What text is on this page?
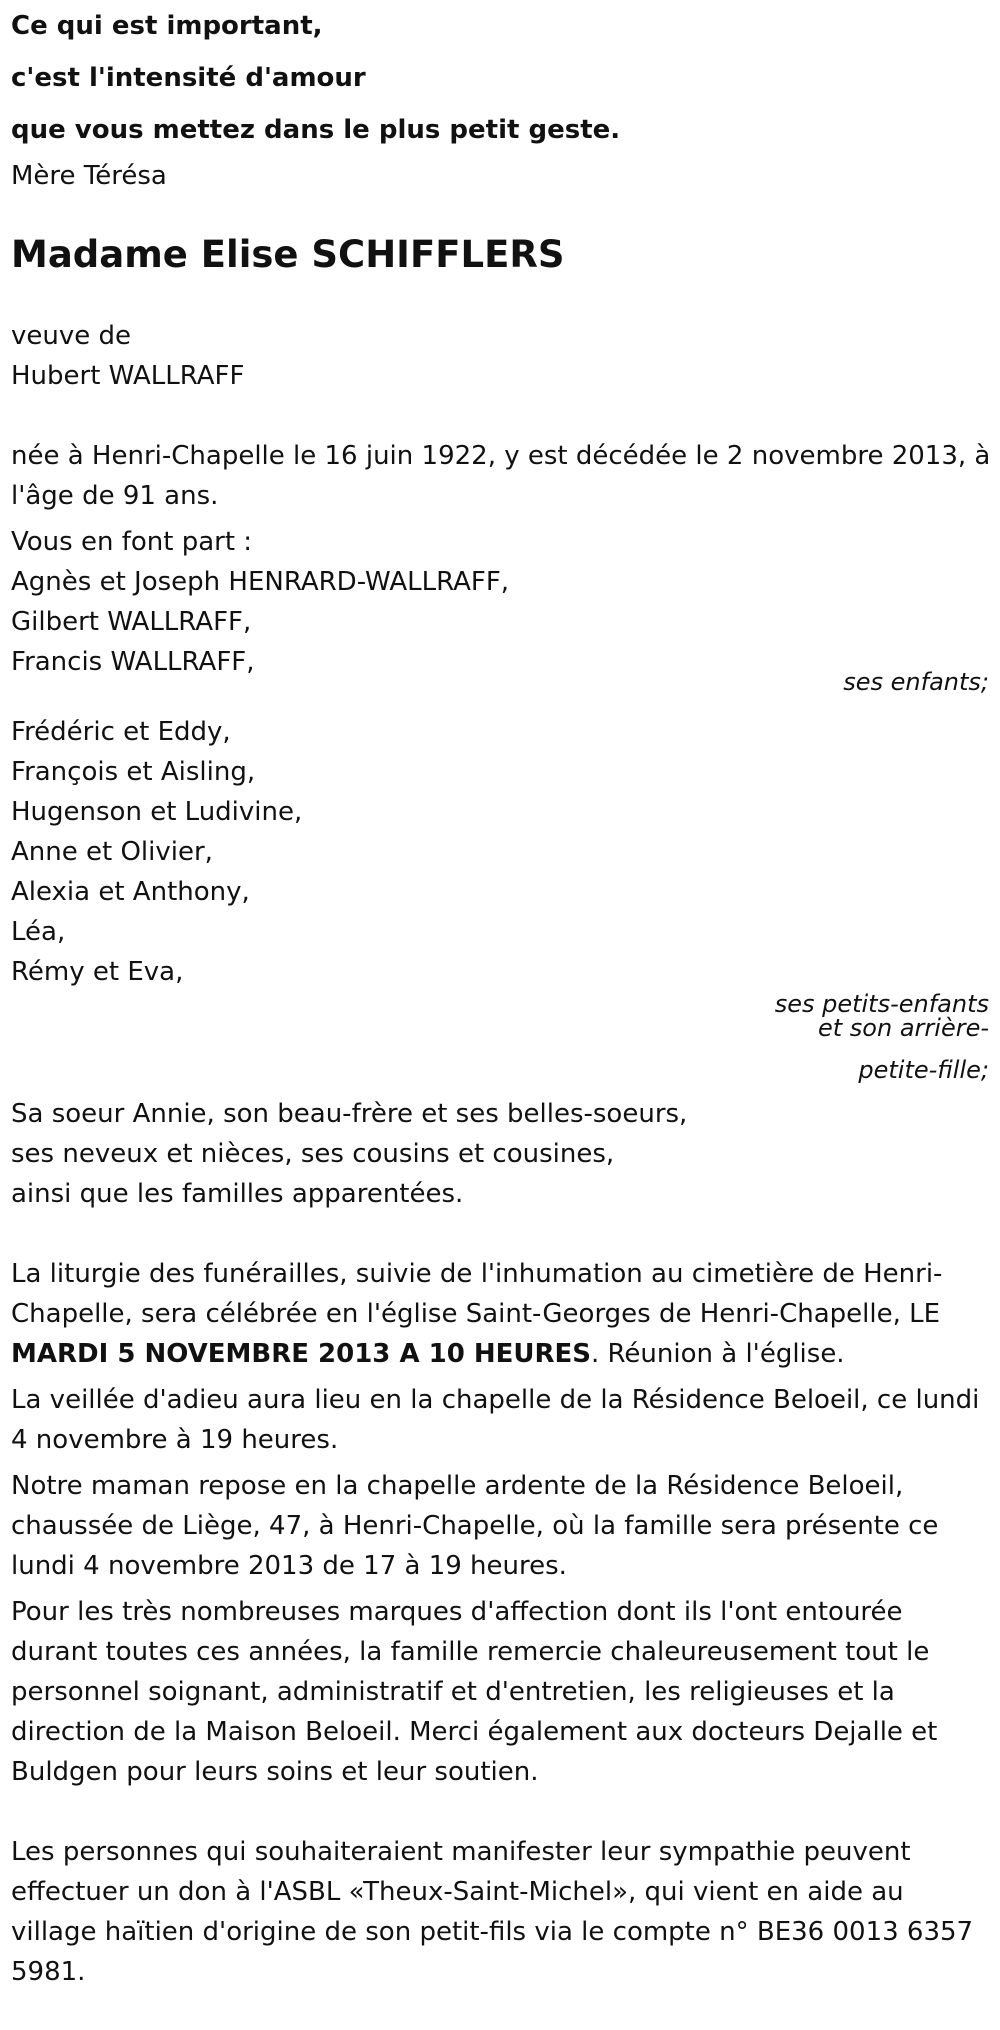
Ce qui est important,
c'est l'intensité d'amour
que vous mettez dans le plus petit geste.

Mère Térésa

Madame Elise SCHIFFLERS
veuve de
Hubert WALLRAFF

née à Henri-Chapelle le 16 juin 1922, y est décédée le 2 novembre 2013, à l'âge de 91 ans.

Vous en font part :
Agnès et Joseph HENRARD-WALLRAFF,
Gilbert WALLRAFF,
Francis WALLRAFF,
ses enfants;
Frédéric et Eddy,
François et Aisling,
Hugenson et Ludivine,
Anne et Olivier,
Alexia et Anthony,
Léa,
Rémy et Eva,
ses petits-enfants
et son arrière-
petite-fille;
Sa soeur Annie, son beau-frère et ses belles-soeurs,
ses neveux et nièces, ses cousins et cousines,
ainsi que les familles apparentées.

La liturgie des funérailles, suivie de l'inhumation au cimetière de Henri-Chapelle, sera célébrée en l'église Saint-Georges de Henri-Chapelle, LE MARDI 5 NOVEMBRE 2013 A 10 HEURES. Réunion à l'église.

La veillée d'adieu aura lieu en la chapelle de la Résidence Beloeil, ce lundi 4 novembre à 19 heures.

Notre maman repose en la chapelle ardente de la Résidence Beloeil, chaussée de Liège, 47, à Henri-Chapelle, où la famille sera présente ce lundi 4 novembre 2013 de 17 à 19 heures.

Pour les très nombreuses marques d'affection dont ils l'ont entourée durant toutes ces années, la famille remercie chaleureusement tout le personnel soignant, administratif et d'entretien, les religieuses et la direction de la Maison Beloeil. Merci également aux docteurs Dejalle et Buldgen pour leurs soins et leur soutien.

Les personnes qui souhaiteraient manifester leur sympathie peuvent effectuer un don à l'ASBL «Theux-Saint-Michel», qui vient en aide au village haïtien d'origine de son petit-fils via le compte n° BE36 0013 6357 5981.
